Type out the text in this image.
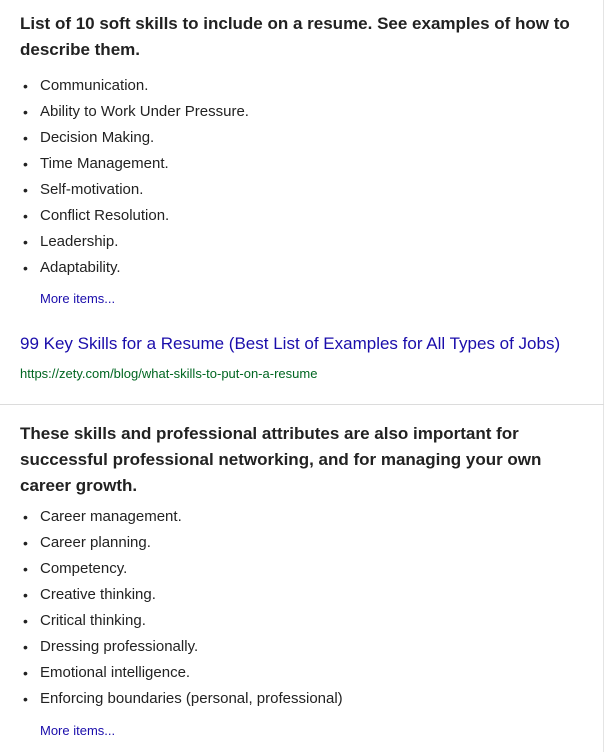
List of 10 soft skills to include on a resume. See examples of how to describe them.
• Communication.
• Ability to Work Under Pressure.
• Decision Making.
• Time Management.
• Self-motivation.
• Conflict Resolution.
• Leadership.
• Adaptability.
More items...
99 Key Skills for a Resume (Best List of Examples for All Types of Jobs)
https://zety.com/blog/what-skills-to-put-on-a-resume
These skills and professional attributes are also important for successful professional networking, and for managing your own career growth.
• Career management.
• Career planning.
• Competency.
• Creative thinking.
• Critical thinking.
• Dressing professionally.
• Emotional intelligence.
• Enforcing boundaries (personal, professional)
More items...
